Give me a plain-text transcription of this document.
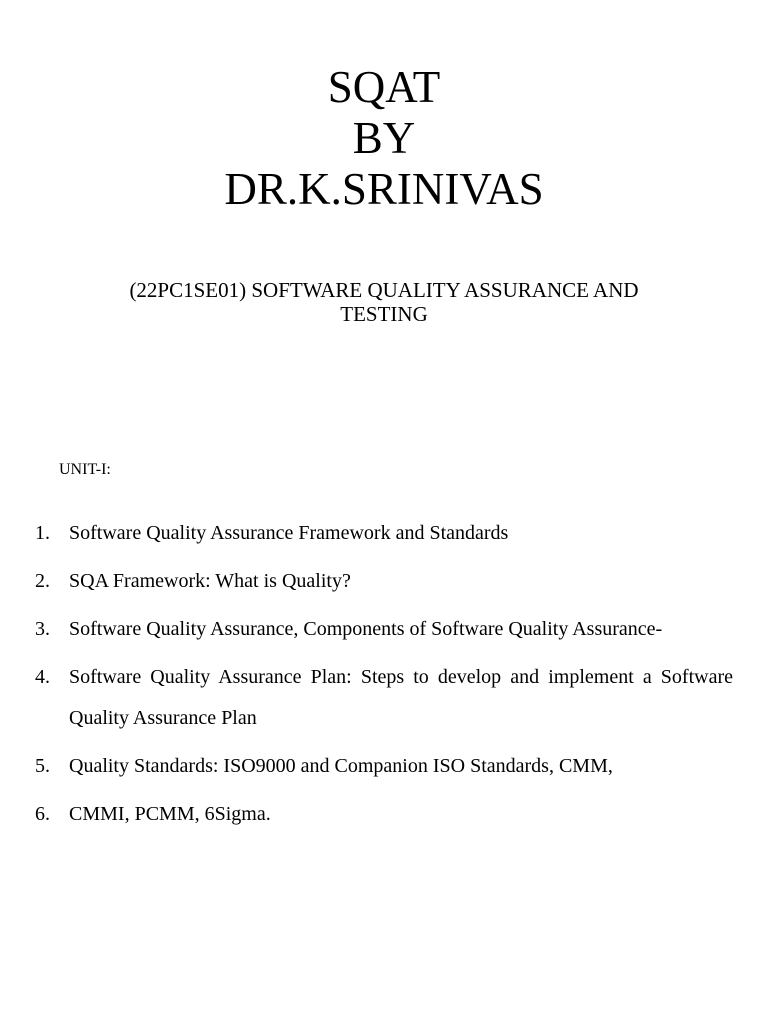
SQAT
BY
DR.K.SRINIVAS
(22PC1SE01) SOFTWARE QUALITY ASSURANCE AND TESTING
UNIT-I:
1. Software Quality Assurance Framework and Standards
2. SQA Framework: What is Quality?
3. Software Quality Assurance, Components of Software Quality Assurance-
4. Software Quality Assurance Plan: Steps to develop and implement a Software Quality Assurance Plan
5. Quality Standards: ISO9000 and Companion ISO Standards, CMM,
6. CMMI, PCMM, 6Sigma.
